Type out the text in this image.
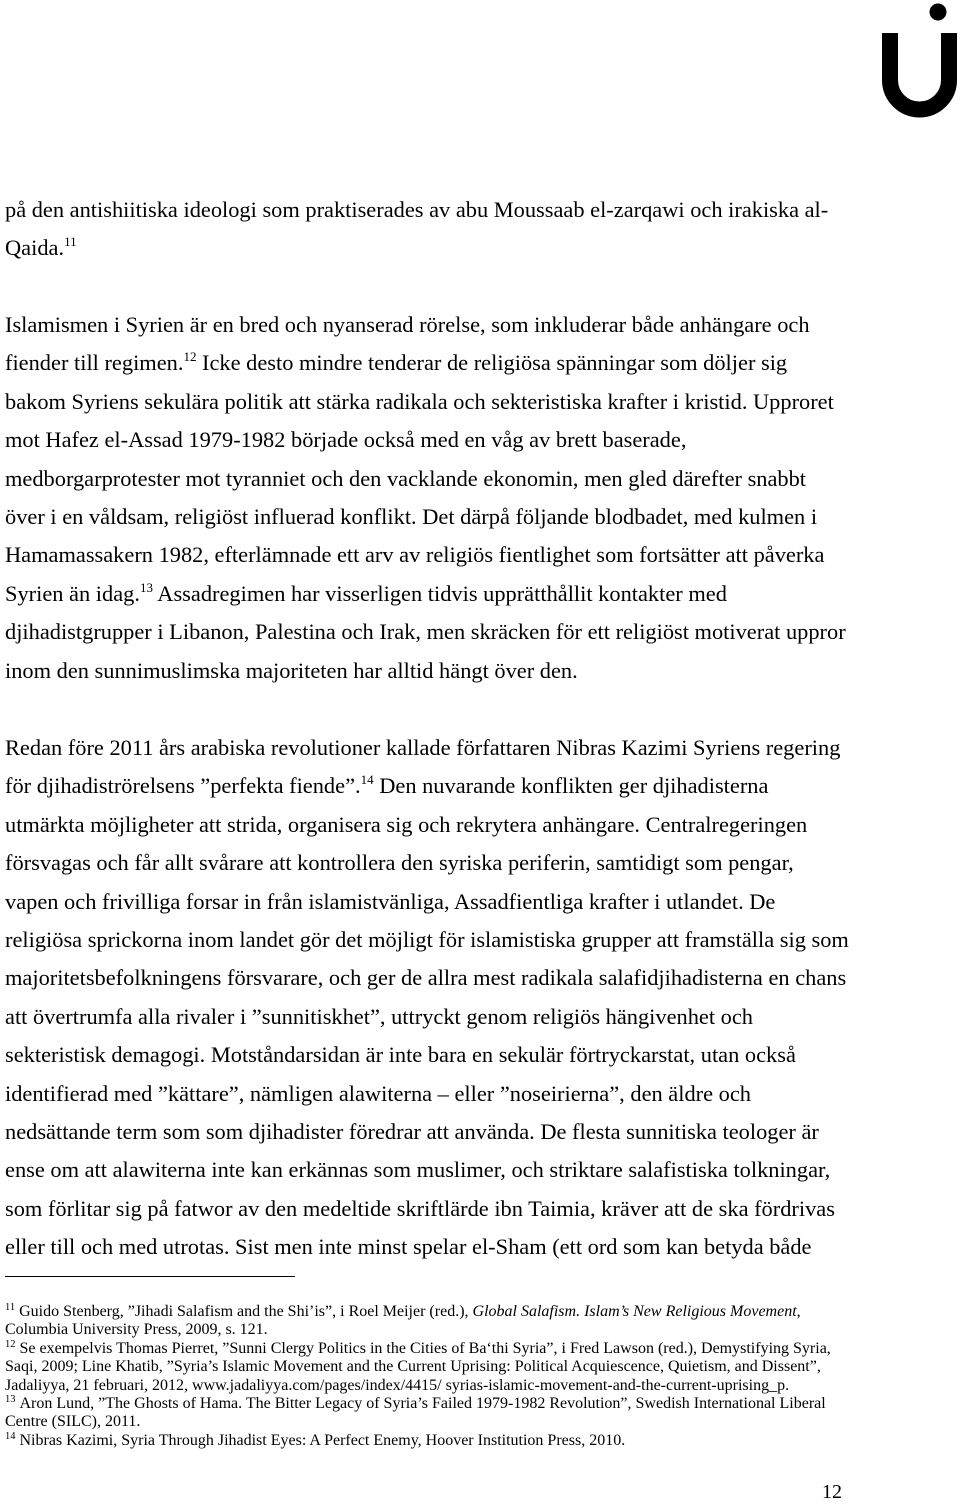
på den antishiitiska ideologi som praktiserades av abu Moussaab el-zarqawi och irakiska al-
Qaida.$^{11}$
Islamismen i Syrien är en bred och nyanserad rörelse, som inkluderar både anhängare och
fiender till regimen.$^{12}$ Icke desto mindre tenderar de religiösa spänningar som döljer sig
bakom Syriens sekulära politik att stärka radikala och sekteristiska krafter i kristid. Upproret
mot Hafez el-Assad 1979-1982 började också med en våg av brett baserade,
medborgarprotester mot tyranniet och den vacklande ekonomin, men gled därefter snabbt
över i en våldsam, religiöst influerad konflikt. Det därpå följande blodbadet, med kulmen i
Hamamassakern 1982, efterlämnade ett arv av religiös fientlighet som fortsätter att påverka
Syrien än idag.$^{13}$ Assadregimen har visserligen tidvis upprätthållit kontakter med
djihadistgrupper i Libanon, Palestina och Irak, men skräcken för ett religiöst motiverat uppror
inom den sunnimuslimska majoriteten har alltid hängt över den.
Redan före 2011 års arabiska revolutioner kallade författaren Nibras Kazimi Syriens regering
för djihadiströrelsens ”perfekta fiende”.$^{14}$ Den nuvarande konflikten ger djihadisterna
utmärkta möjligheter att strida, organisera sig och rekrytera anhängare. Centralregeringen
försvagas och får allt svårare att kontrollera den syriska periferin, samtidigt som pengar,
vapen och frivilliga forsar in från islamistvänliga, Assadfientliga krafter i utlandet. De
religiösa sprickorna inom landet gör det möjligt för islamistiska grupper att framställa sig som
majoritetsbefolkningens försvarare, och ger de allra mest radikala salafidjihadisterna en chans
att övertrumfa alla rivaler i ”sunnitiskhet”, uttryckt genom religiös hängivenhet och
sekteristisk demagogi. Motståndarsidan är inte bara en sekulär förtryckarstat, utan också
identifierad med ”kättare”, nämligen alawiterna – eller ”noseirierna”, den äldre och
nedsättande term som som djihadister föredrar att använda. De flesta sunnitiska teologer är
ense om att alawiterna inte kan erkännas som muslimer, och striktare salafistiska tolkningar,
som förlitar sig på fatwor av den medeltide skriftlärde ibn Taimia, kräver att de ska fördrivas
eller till och med utrotas. Sist men inte minst spelar el-Sham (ett ord som kan betyda både
$^{11}$ Guido Stenberg, ”Jihadi Salafism and the Shi’is”, i Roel Meijer (red.), Global Salafism. Islam’s New Religious Movement,
Columbia University Press, 2009, s. 121.
$^{12}$ Se exempelvis Thomas Pierret, ”Sunni Clergy Politics in the Cities of Ba‘thi Syria”, i Fred Lawson (red.), Demystifying Syria,
Saqi, 2009; Line Khatib, ”Syria’s Islamic Movement and the Current Uprising: Political Acquiescence, Quietism, and Dissent”,
Jadaliyya, 21 februari, 2012, www.jadaliyya.com/pages/index/4415/ syrias-islamic-movement-and-the-current-uprising_p.
$^{13}$ Aron Lund, ”The Ghosts of Hama. The Bitter Legacy of Syria’s Failed 1979-1982 Revolution”, Swedish International Liberal
Centre (SILC), 2011.
$^{14}$ Nibras Kazimi, Syria Through Jihadist Eyes: A Perfect Enemy, Hoover Institution Press, 2010.
12
